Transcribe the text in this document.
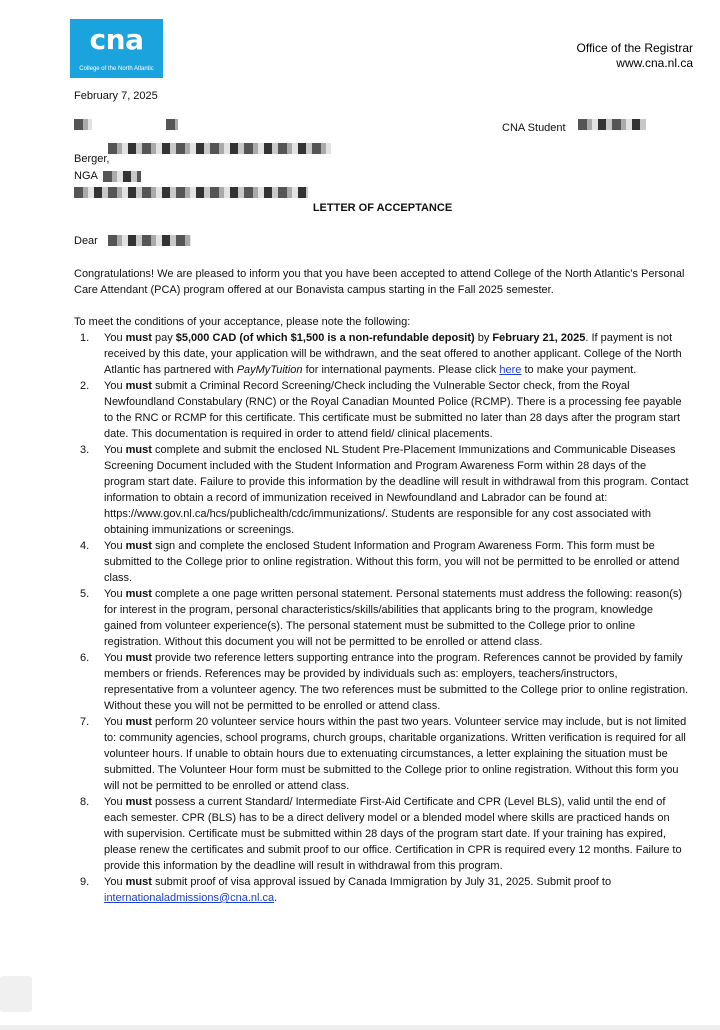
cna
College of the North Atlantic
Office of the Registrar
www.cna.nl.ca
February 7, 2025
CNA Student
Berger,
NGA
LETTER OF ACCEPTANCE
Dear

Congratulations! We are pleased to inform you that you have been accepted to attend College of the North Atlantic’s Personal Care Attendant (PCA) program offered at our Bonavista campus starting in the Fall 2025 semester.

To meet the conditions of your acceptance, please note the following:

1. You must pay $5,000 CAD (of which $1,500 is a non-refundable deposit) by February 21, 2025. If payment is not received by this date, your application will be withdrawn, and the seat offered to another applicant. College of the North Atlantic has partnered with PayMyTuition for international payments. Please click here to make your payment.
2. You must submit a Criminal Record Screening/Check including the Vulnerable Sector check, from the Royal Newfoundland Constabulary (RNC) or the Royal Canadian Mounted Police (RCMP). There is a processing fee payable to the RNC or RCMP for this certificate. This certificate must be submitted no later than 28 days after the program start date. This documentation is required in order to attend field/ clinical placements.
3. You must complete and submit the enclosed NL Student Pre-Placement Immunizations and Communicable Diseases Screening Document included with the Student Information and Program Awareness Form within 28 days of the program start date. Failure to provide this information by the deadline will result in withdrawal from this program. Contact information to obtain a record of immunization received in Newfoundland and Labrador can be found at: https://www.gov.nl.ca/hcs/publichealth/cdc/immunizations/. Students are responsible for any cost associated with obtaining immunizations or screenings.
4. You must sign and complete the enclosed Student Information and Program Awareness Form. This form must be submitted to the College prior to online registration. Without this form, you will not be permitted to be enrolled or attend class.
5. You must complete a one page written personal statement. Personal statements must address the following: reason(s) for interest in the program, personal characteristics/skills/abilities that applicants bring to the program, knowledge gained from volunteer experience(s). The personal statement must be submitted to the College prior to online registration. Without this document you will not be permitted to be enrolled or attend class.
6. You must provide two reference letters supporting entrance into the program. References cannot be provided by family members or friends. References may be provided by individuals such as: employers, teachers/instructors, representative from a volunteer agency. The two references must be submitted to the College prior to online registration. Without these you will not be permitted to be enrolled or attend class.
7. You must perform 20 volunteer service hours within the past two years. Volunteer service may include, but is not limited to: community agencies, school programs, church groups, charitable organizations. Written verification is required for all volunteer hours. If unable to obtain hours due to extenuating circumstances, a letter explaining the situation must be submitted. The Volunteer Hour form must be submitted to the College prior to online registration. Without this form you will not be permitted to be enrolled or attend class.
8. You must possess a current Standard/ Intermediate First-Aid Certificate and CPR (Level BLS), valid until the end of each semester. CPR (BLS) has to be a direct delivery model or a blended model where skills are practiced hands on with supervision. Certificate must be submitted within 28 days of the program start date. If your training has expired, please renew the certificates and submit proof to our office. Certification in CPR is required every 12 months. Failure to provide this information by the deadline will result in withdrawal from this program.
9. You must submit proof of visa approval issued by Canada Immigration by July 31, 2025. Submit proof to internationaladmissions@cna.nl.ca.
